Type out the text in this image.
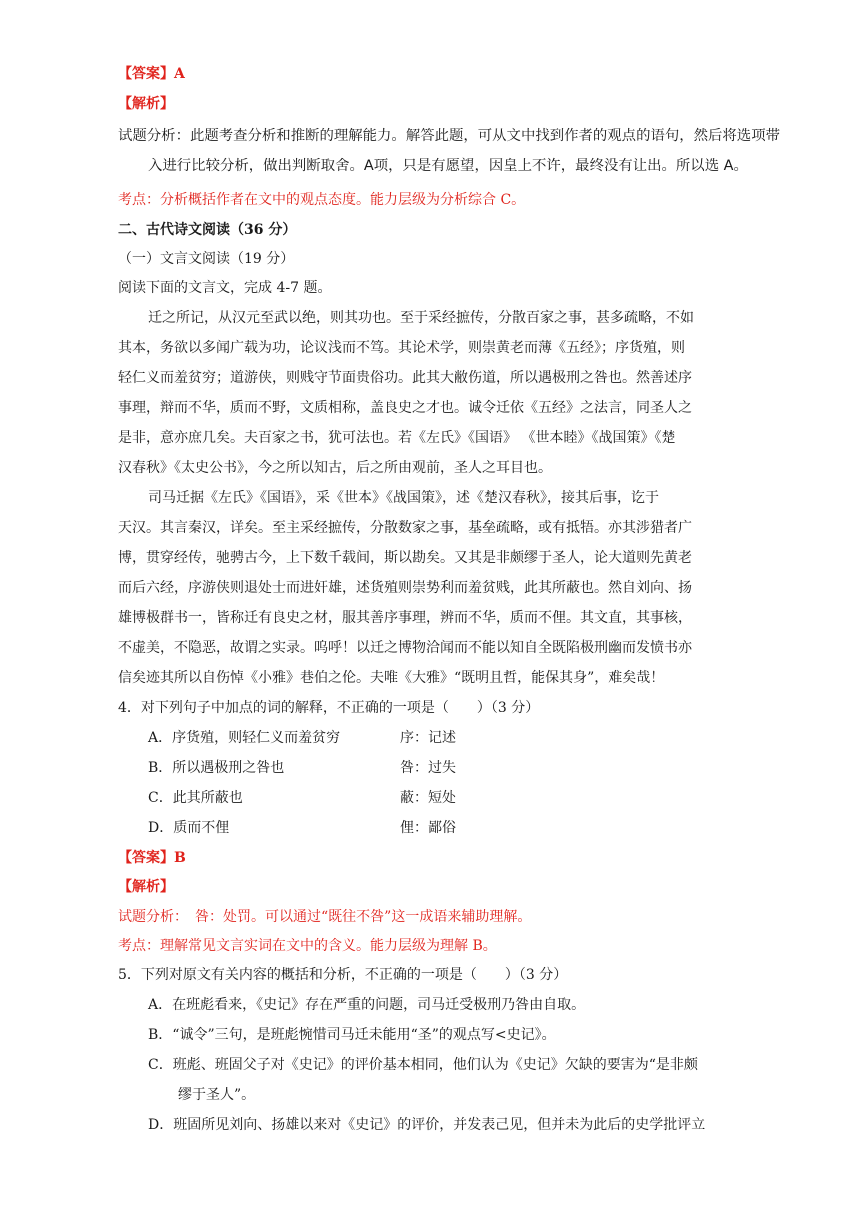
【答案】A
【解析】
试题分析：此题考查分析和推断的理解能力。解答此题，可从文中找到作者的观点的语句，然后将选项带
入进行比较分析，做出判断取舍。A项，只是有愿望，因皇上不许，最终没有让出。所以选 A。
考点：分析概括作者在文中的观点态度。能力层级为分析综合 C。
二、古代诗文阅读（36 分）
（一）文言文阅读（19 分）
阅读下面的文言文，完成 4-7 题。
迁之所记，从汉元至武以绝，则其功也。至于采经摭传，分散百家之事，甚多疏略，不如
其本，务欲以多闻广载为功，论议浅而不笃。其论术学，则崇黄老而薄《五经》；序货殖，则
轻仁义而羞贫穷；道游侠，则贱守节面贵俗功。此其大敝伤道，所以遇极刑之咎也。然善述序
事理，辩而不华，质而不野，文质相称，盖良史之才也。诚令迁依《五经》之法言，同圣人之
是非，意亦庶几矣。夫百家之书，犹可法也。若《左氏》《国语》 《世本睦》《战国策》《楚
汉春秋》《太史公书》，今之所以知古，后之所由观前，圣人之耳目也。
司马迁据《左氏》《国语》，采《世本》《战国策》，述《楚汉春秋》，接其后事，讫于
天汉。其言秦汉，详矣。至主采经摭传，分散数家之事，基垒疏略，或有抵牾。亦其涉猎者广
博，贯穿经传，驰骋古今，上下数千载间，斯以勘矣。又其是非颇缪于圣人，论大道则先黄老
而后六经，序游侠则退处士而进奸雄，述货殖则崇势利而羞贫贱，此其所蔽也。然自刘向、扬
雄博极群书一，皆称迁有良史之材，服其善序事理，辨而不华，质而不俚。其文直，其事核，
不虚美，不隐恶，故谓之实录。呜呼！以迁之博物洽闻而不能以知自全既陷极刑幽而发愤书亦
信矣迹其所以自伤悼《小雅》巷伯之伦。夫唯《大雅》“既明且哲，能保其身”，难矣哉！
4．对下列句子中加点的词的解释，不正确的一项是（　　）（3 分）
A．序货殖，则轻仁义而羞贫穷	序：记述
B．所以遇极刑之咎也	咎：过失
C．此其所蔽也	蔽：短处
D．质而不俚	俚：鄙俗
【答案】B
【解析】
试题分析：　咎：处罚。可以通过“既往不咎”这一成语来辅助理解。
考点：理解常见文言实词在文中的含义。能力层级为理解 B。
5．下列对原文有关内容的概括和分析，不正确的一项是（　　）（3 分）
A．在班彪看来，《史记》存在严重的问题，司马迁受极刑乃咎由自取。
B．“诚令”三句，是班彪惋惜司马迁未能用“圣”的观点写<史记》。
C．班彪、班固父子对《史记》的评价基本相同，他们认为《史记》欠缺的要害为“是非颇
缪于圣人”。
D．班固所见刘向、扬雄以来对《史记》的评价，并发表己见，但并未为此后的史学批评立
